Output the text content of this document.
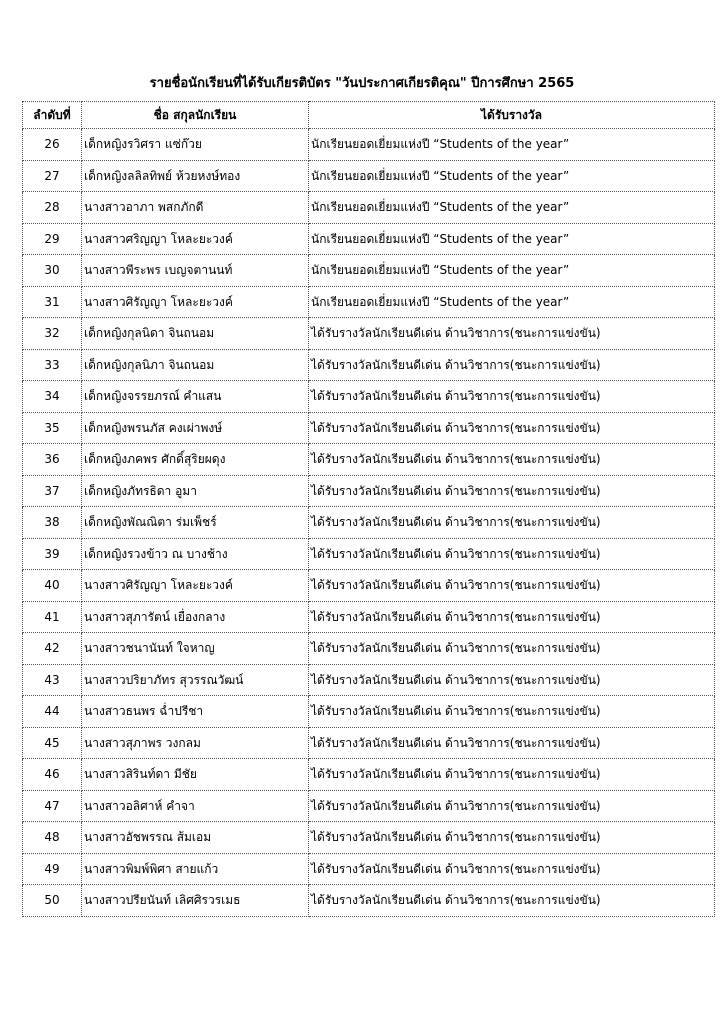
รายชื่อนักเรียนที่ได้รับเกียรติบัตร "วันประกาศเกียรติคุณ" ปีการศึกษา 2565
ลำดับที่	ชื่อ สกุลนักเรียน	ได้รับรางวัล
26	เด็กหญิงรวิศรา แซ่ก๊วย	นักเรียนยอดเยี่ยมแห่งปี “Students of the year”
27	เด็กหญิงลลิลทิพย์ ห้วยหงษ์ทอง	นักเรียนยอดเยี่ยมแห่งปี “Students of the year”
28	นางสาวอาภา พสกภักดี	นักเรียนยอดเยี่ยมแห่งปี “Students of the year”
29	นางสาวศริญญา โหละยะวงค์	นักเรียนยอดเยี่ยมแห่งปี “Students of the year”
30	นางสาวพีระพร เบญจตานนท์	นักเรียนยอดเยี่ยมแห่งปี “Students of the year”
31	นางสาวศิรัญญา โหละยะวงค์	นักเรียนยอดเยี่ยมแห่งปี “Students of the year”
32	เด็กหญิงกุลนิดา จินถนอม	ได้รับรางวัลนักเรียนดีเด่น ด้านวิชาการ(ชนะการแข่งขัน)
33	เด็กหญิงกุลนิภา จินถนอม	ได้รับรางวัลนักเรียนดีเด่น ด้านวิชาการ(ชนะการแข่งขัน)
34	เด็กหญิงจรรยภรณ์ คำแสน	ได้รับรางวัลนักเรียนดีเด่น ด้านวิชาการ(ชนะการแข่งขัน)
35	เด็กหญิงพรนภัส คงเผ่าพงษ์	ได้รับรางวัลนักเรียนดีเด่น ด้านวิชาการ(ชนะการแข่งขัน)
36	เด็กหญิงภคพร ศักดิ์สุริยผดุง	ได้รับรางวัลนักเรียนดีเด่น ด้านวิชาการ(ชนะการแข่งขัน)
37	เด็กหญิงภัทรธิดา อูมา	ได้รับรางวัลนักเรียนดีเด่น ด้านวิชาการ(ชนะการแข่งขัน)
38	เด็กหญิงพัณณิตา ร่มเพ็ชร์	ได้รับรางวัลนักเรียนดีเด่น ด้านวิชาการ(ชนะการแข่งขัน)
39	เด็กหญิงรวงข้าว ณ บางช้าง	ได้รับรางวัลนักเรียนดีเด่น ด้านวิชาการ(ชนะการแข่งขัน)
40	นางสาวศิรัญญา โหละยะวงค์	ได้รับรางวัลนักเรียนดีเด่น ด้านวิชาการ(ชนะการแข่งขัน)
41	นางสาวสุภารัตน์ เยื่องกลาง	ได้รับรางวัลนักเรียนดีเด่น ด้านวิชาการ(ชนะการแข่งขัน)
42	นางสาวชนานันท์ ใจหาญ	ได้รับรางวัลนักเรียนดีเด่น ด้านวิชาการ(ชนะการแข่งขัน)
43	นางสาวปริยาภัทร สุวรรณวัฒน์	ได้รับรางวัลนักเรียนดีเด่น ด้านวิชาการ(ชนะการแข่งขัน)
44	นางสาวธนพร ฉ่ำปรีชา	ได้รับรางวัลนักเรียนดีเด่น ด้านวิชาการ(ชนะการแข่งขัน)
45	นางสาวสุภาพร วงกลม	ได้รับรางวัลนักเรียนดีเด่น ด้านวิชาการ(ชนะการแข่งขัน)
46	นางสาวสิรินท์ดา มีชัย	ได้รับรางวัลนักเรียนดีเด่น ด้านวิชาการ(ชนะการแข่งขัน)
47	นางสาวอลิศาห์ คำจา	ได้รับรางวัลนักเรียนดีเด่น ด้านวิชาการ(ชนะการแข่งขัน)
48	นางสาวอัชพรรณ ส้มเอม	ได้รับรางวัลนักเรียนดีเด่น ด้านวิชาการ(ชนะการแข่งขัน)
49	นางสาวพิมพ์พิศา สายแก้ว	ได้รับรางวัลนักเรียนดีเด่น ด้านวิชาการ(ชนะการแข่งขัน)
50	นางสาวปรียนันท์ เลิศศิรวรเมธ	ได้รับรางวัลนักเรียนดีเด่น ด้านวิชาการ(ชนะการแข่งขัน)
